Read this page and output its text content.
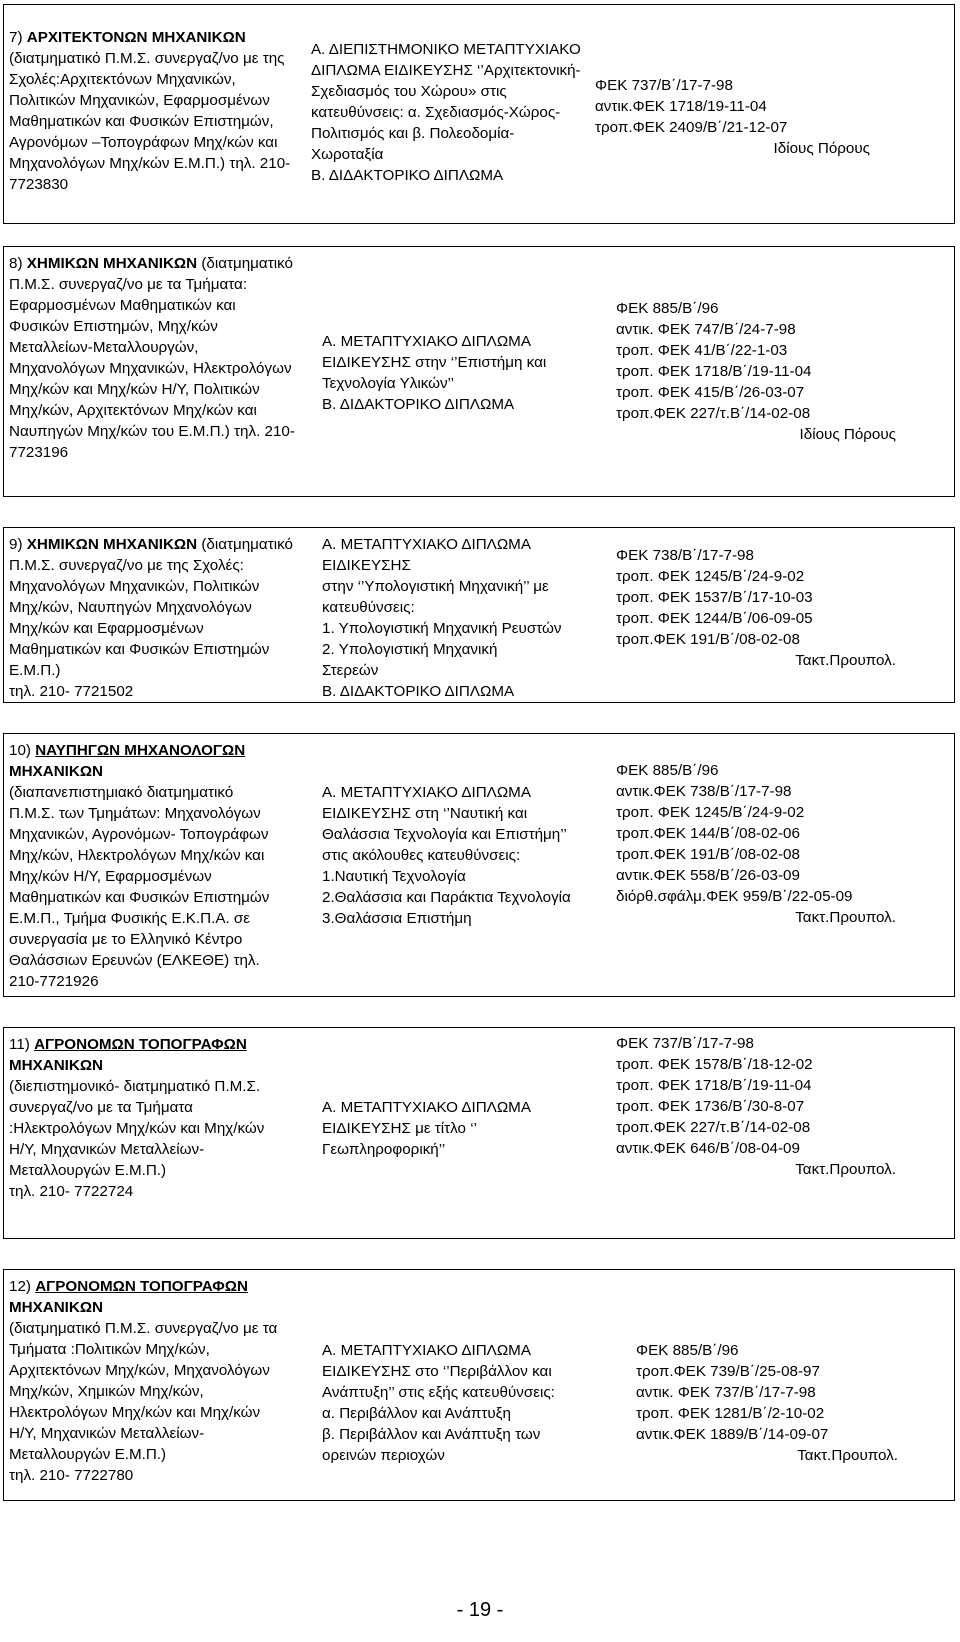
7) ΑΡΧΙΤΕΚΤΟΝΩΝ ΜΗΧΑΝΙΚΩΝ
(διατμηματικό Π.Μ.Σ. συνεργαζ/νο με της
Σχολές:Αρχιτεκτόνων Μηχανικών,
Πολιτικών Μηχανικών, Εφαρμοσμένων
Μαθηματικών και Φυσικών Επιστημών,
Αγρονόμων –Τοπογράφων Μηχ/κών και
Μηχανολόγων Μηχ/κών Ε.Μ.Π.) τηλ. 210-
7723830
Α. ΔΙΕΠΙΣΤΗΜΟΝΙΚΟ ΜΕΤΑΠΤΥΧΙΑΚΟ
ΔΙΠΛΩΜΑ ΕΙΔΙΚΕΥΣΗΣ ‘’Αρχιτεκτονική-
Σχεδιασμός του Χώρου» στις
κατευθύνσεις: α. Σχεδιασμός-Χώρος-
Πολιτισμός και β. Πολεοδομία-
Χωροταξία
Β. ΔΙΔΑΚΤΟΡΙΚΟ ΔΙΠΛΩΜΑ
ΦΕΚ 737/Β΄/17-7-98
αντικ.ΦΕΚ 1718/19-11-04
τροπ.ΦΕΚ 2409/Β΄/21-12-07
Ιδίους Πόρους
8) ΧΗΜΙΚΩΝ ΜΗΧΑΝΙΚΩΝ (διατμηματικό
Π.Μ.Σ. συνεργαζ/νο με τα Τμήματα:
Εφαρμοσμένων Μαθηματικών και
Φυσικών Επιστημών, Μηχ/κών
Μεταλλείων-Μεταλλουργών,
Μηχανολόγων Μηχανικών, Ηλεκτρολόγων
Μηχ/κών και Μηχ/κών Η/Υ, Πολιτικών
Μηχ/κών, Αρχιτεκτόνων Μηχ/κών και
Ναυπηγών Μηχ/κών του Ε.Μ.Π.) τηλ. 210-
7723196
Α. ΜΕΤΑΠΤΥΧΙΑΚΟ ΔΙΠΛΩΜΑ
ΕΙΔΙΚΕΥΣΗΣ στην ‘’Επιστήμη και
Τεχνολογία Υλικών’’
Β. ΔΙΔΑΚΤΟΡΙΚΟ ΔΙΠΛΩΜΑ
ΦΕΚ 885/Β΄/96
αντικ. ΦΕΚ 747/Β΄/24-7-98
τροπ. ΦΕΚ 41/Β΄/22-1-03
τροπ. ΦΕΚ 1718/Β΄/19-11-04
τροπ. ΦΕΚ 415/Β΄/26-03-07
τροπ.ΦΕΚ 227/τ.Β΄/14-02-08
Ιδίους Πόρους
9) ΧΗΜΙΚΩΝ ΜΗΧΑΝΙΚΩΝ (διατμηματικό
Π.Μ.Σ. συνεργαζ/νο με της Σχολές:
Μηχανολόγων Μηχανικών, Πολιτικών
Μηχ/κών, Ναυπηγών Μηχανολόγων
Μηχ/κών και Εφαρμοσμένων
Μαθηματικών και Φυσικών Επιστημών
Ε.Μ.Π.)
τηλ. 210- 7721502
Α. ΜΕΤΑΠΤΥΧΙΑΚΟ ΔΙΠΛΩΜΑ
ΕΙΔΙΚΕΥΣΗΣ
στην ‘’Υπολογιστική Μηχανική’’ με
κατευθύνσεις:
1. Υπολογιστική Μηχανική Ρευστών
2. Υπολογιστική Μηχανική
Στερεών
Β. ΔΙΔΑΚΤΟΡΙΚΟ ΔΙΠΛΩΜΑ
ΦΕΚ 738/Β΄/17-7-98
τροπ. ΦΕΚ 1245/Β΄/24-9-02
τροπ. ΦΕΚ 1537/Β΄/17-10-03
τροπ. ΦΕΚ 1244/Β΄/06-09-05
τροπ.ΦΕΚ 191/Β΄/08-02-08
Τακτ.Προυπολ.
10) ΝΑΥΠΗΓΩΝ ΜΗΧΑΝΟΛΟΓΩΝ
ΜΗΧΑΝΙΚΩΝ
(διαπανεπιστημιακό διατμηματικό
Π.Μ.Σ. των Τμημάτων: Μηχανολόγων
Μηχανικών, Αγρονόμων- Τοπογράφων
Μηχ/κών, Ηλεκτρολόγων Μηχ/κών και
Μηχ/κών Η/Υ, Εφαρμοσμένων
Μαθηματικών και Φυσικών Επιστημών
Ε.Μ.Π., Τμήμα Φυσικής Ε.Κ.Π.Α. σε
συνεργασία με το Ελληνικό Κέντρο
Θαλάσσιων Ερευνών (ΕΛΚΕΘΕ) τηλ.
210-7721926
Α. ΜΕΤΑΠΤΥΧΙΑΚΟ ΔΙΠΛΩΜΑ
ΕΙΔΙΚΕΥΣΗΣ στη ‘’Ναυτική και
Θαλάσσια Τεχνολογία και Επιστήμη’’
στις ακόλουθες κατευθύνσεις:
1.Ναυτική Τεχνολογία
2.Θαλάσσια και Παράκτια Τεχνολογία
3.Θαλάσσια Επιστήμη
ΦΕΚ 885/Β΄/96
αντικ.ΦΕΚ 738/Β΄/17-7-98
τροπ. ΦΕΚ 1245/Β΄/24-9-02
τροπ.ΦΕΚ 144/Β΄/08-02-06
τροπ.ΦΕΚ 191/Β΄/08-02-08
αντικ.ΦΕΚ 558/Β΄/26-03-09
διόρθ.σφάλμ.ΦΕΚ 959/Β΄/22-05-09
Τακτ.Προυπολ.
11) ΑΓΡΟΝΟΜΩΝ ΤΟΠΟΓΡΑΦΩΝ
ΜΗΧΑΝΙΚΩΝ
(διεπιστημονικό- διατμηματικό Π.Μ.Σ.
συνεργαζ/νο με τα Τμήματα
:Ηλεκτρολόγων Μηχ/κών και Μηχ/κών
Η/Υ, Μηχανικών Μεταλλείων-
Μεταλλουργών Ε.Μ.Π.)
τηλ. 210- 7722724
Α. ΜΕΤΑΠΤΥΧΙΑΚΟ ΔΙΠΛΩΜΑ
ΕΙΔΙΚΕΥΣΗΣ με τίτλο ‘’
Γεωπληροφορική’’
ΦΕΚ 737/Β΄/17-7-98
τροπ. ΦΕΚ 1578/Β΄/18-12-02
τροπ. ΦΕΚ 1718/Β΄/19-11-04
τροπ. ΦΕΚ 1736/Β΄/30-8-07
τροπ.ΦΕΚ 227/τ.Β΄/14-02-08
αντικ.ΦΕΚ 646/Β΄/08-04-09
Τακτ.Προυπολ.
12) ΑΓΡΟΝΟΜΩΝ ΤΟΠΟΓΡΑΦΩΝ
ΜΗΧΑΝΙΚΩΝ
(διατμηματικό Π.Μ.Σ. συνεργαζ/νο με τα
Τμήματα :Πολιτικών Μηχ/κών,
Αρχιτεκτόνων Μηχ/κών, Μηχανολόγων
Μηχ/κών, Χημικών Μηχ/κών,
Ηλεκτρολόγων Μηχ/κών και Μηχ/κών
Η/Υ, Μηχανικών Μεταλλείων-
Μεταλλουργών Ε.Μ.Π.)
τηλ. 210- 7722780
Α. ΜΕΤΑΠΤΥΧΙΑΚΟ ΔΙΠΛΩΜΑ
ΕΙΔΙΚΕΥΣΗΣ στο ‘’Περιβάλλον και
Ανάπτυξη’’ στις εξής κατευθύνσεις:
α. Περιβάλλον και Ανάπτυξη
β. Περιβάλλον και Ανάπτυξη των
ορεινών περιοχών
ΦΕΚ 885/Β΄/96
τροπ.ΦΕΚ 739/Β΄/25-08-97
αντικ. ΦΕΚ 737/Β΄/17-7-98
τροπ. ΦΕΚ 1281/Β΄/2-10-02
αντικ.ΦΕΚ 1889/Β΄/14-09-07
Τακτ.Προυπολ.
- 19 -
